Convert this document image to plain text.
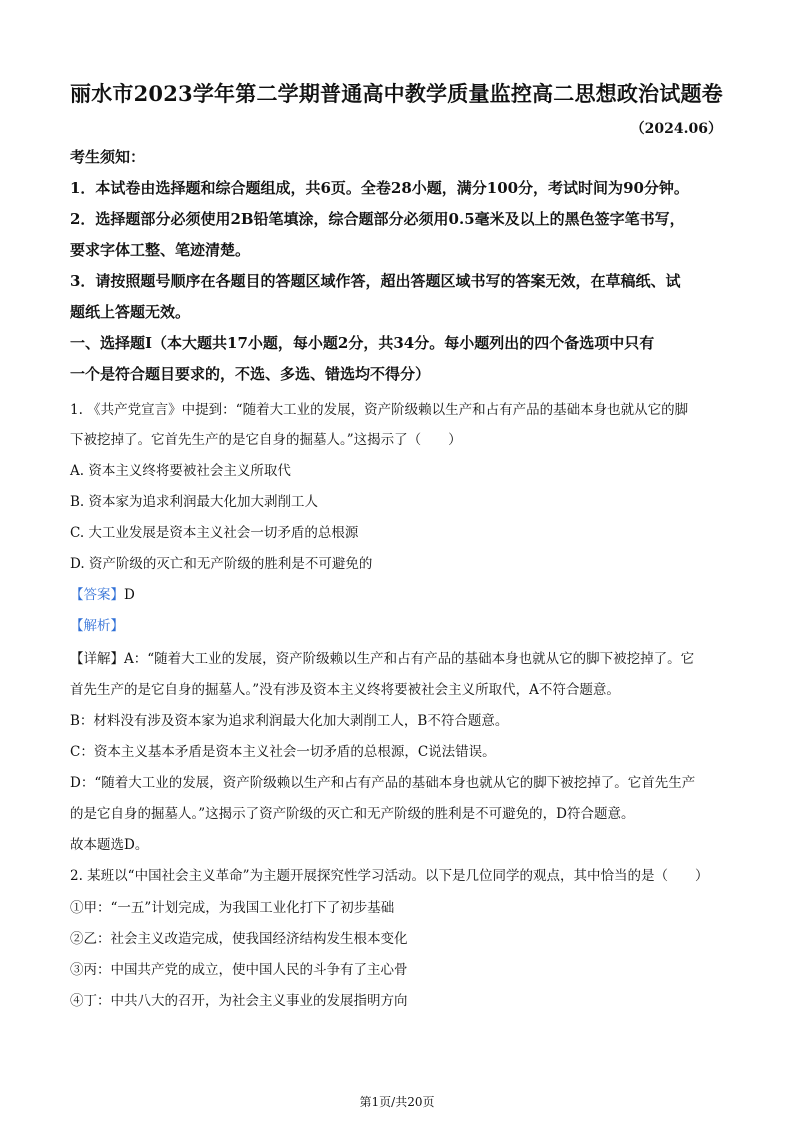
丽水市2023学年第二学期普通高中教学质量监控高二思想政治试题卷
（2024.06）
考生须知：
1．本试卷由选择题和综合题组成，共6页。全卷28小题，满分100分，考试时间为90分钟。
2．选择题部分必须使用2B铅笔填涂，综合题部分必须用0.5毫米及以上的黑色签字笔书写，
要求字体工整、笔迹清楚。
3．请按照题号顺序在各题目的答题区域作答，超出答题区域书写的答案无效，在草稿纸、试
题纸上答题无效。
一、选择题Ⅰ（本大题共17小题，每小题2分，共34分。每小题列出的四个备选项中只有
一个是符合题目要求的，不选、多选、错选均不得分）
1. 《共产党宣言》中提到：“随着大工业的发展，资产阶级赖以生产和占有产品的基础本身也就从它的脚
下被挖掉了。它首先生产的是它自身的掘墓人。”这揭示了（　　）
A. 资本主义终将要被社会主义所取代
B. 资本家为追求利润最大化加大剥削工人
C. 大工业发展是资本主义社会一切矛盾的总根源
D. 资产阶级的灭亡和无产阶级的胜利是不可避免的
【答案】D
【解析】
【详解】A：“随着大工业的发展，资产阶级赖以生产和占有产品的基础本身也就从它的脚下被挖掉了。它
首先生产的是它自身的掘墓人。”没有涉及资本主义终将要被社会主义所取代，A不符合题意。
B：材料没有涉及资本家为追求利润最大化加大剥削工人，B不符合题意。
C：资本主义基本矛盾是资本主义社会一切矛盾的总根源，C说法错误。
D：“随着大工业的发展，资产阶级赖以生产和占有产品的基础本身也就从它的脚下被挖掉了。它首先生产
的是它自身的掘墓人。”这揭示了资产阶级的灭亡和无产阶级的胜利是不可避免的，D符合题意。
故本题选D。
2. 某班以“中国社会主义革命”为主题开展探究性学习活动。以下是几位同学的观点，其中恰当的是（　　）
①甲：“一五”计划完成，为我国工业化打下了初步基础
②乙：社会主义改造完成，使我国经济结构发生根本变化
③丙：中国共产党的成立，使中国人民的斗争有了主心骨
④丁：中共八大的召开，为社会主义事业的发展指明方向
第1页/共20页
